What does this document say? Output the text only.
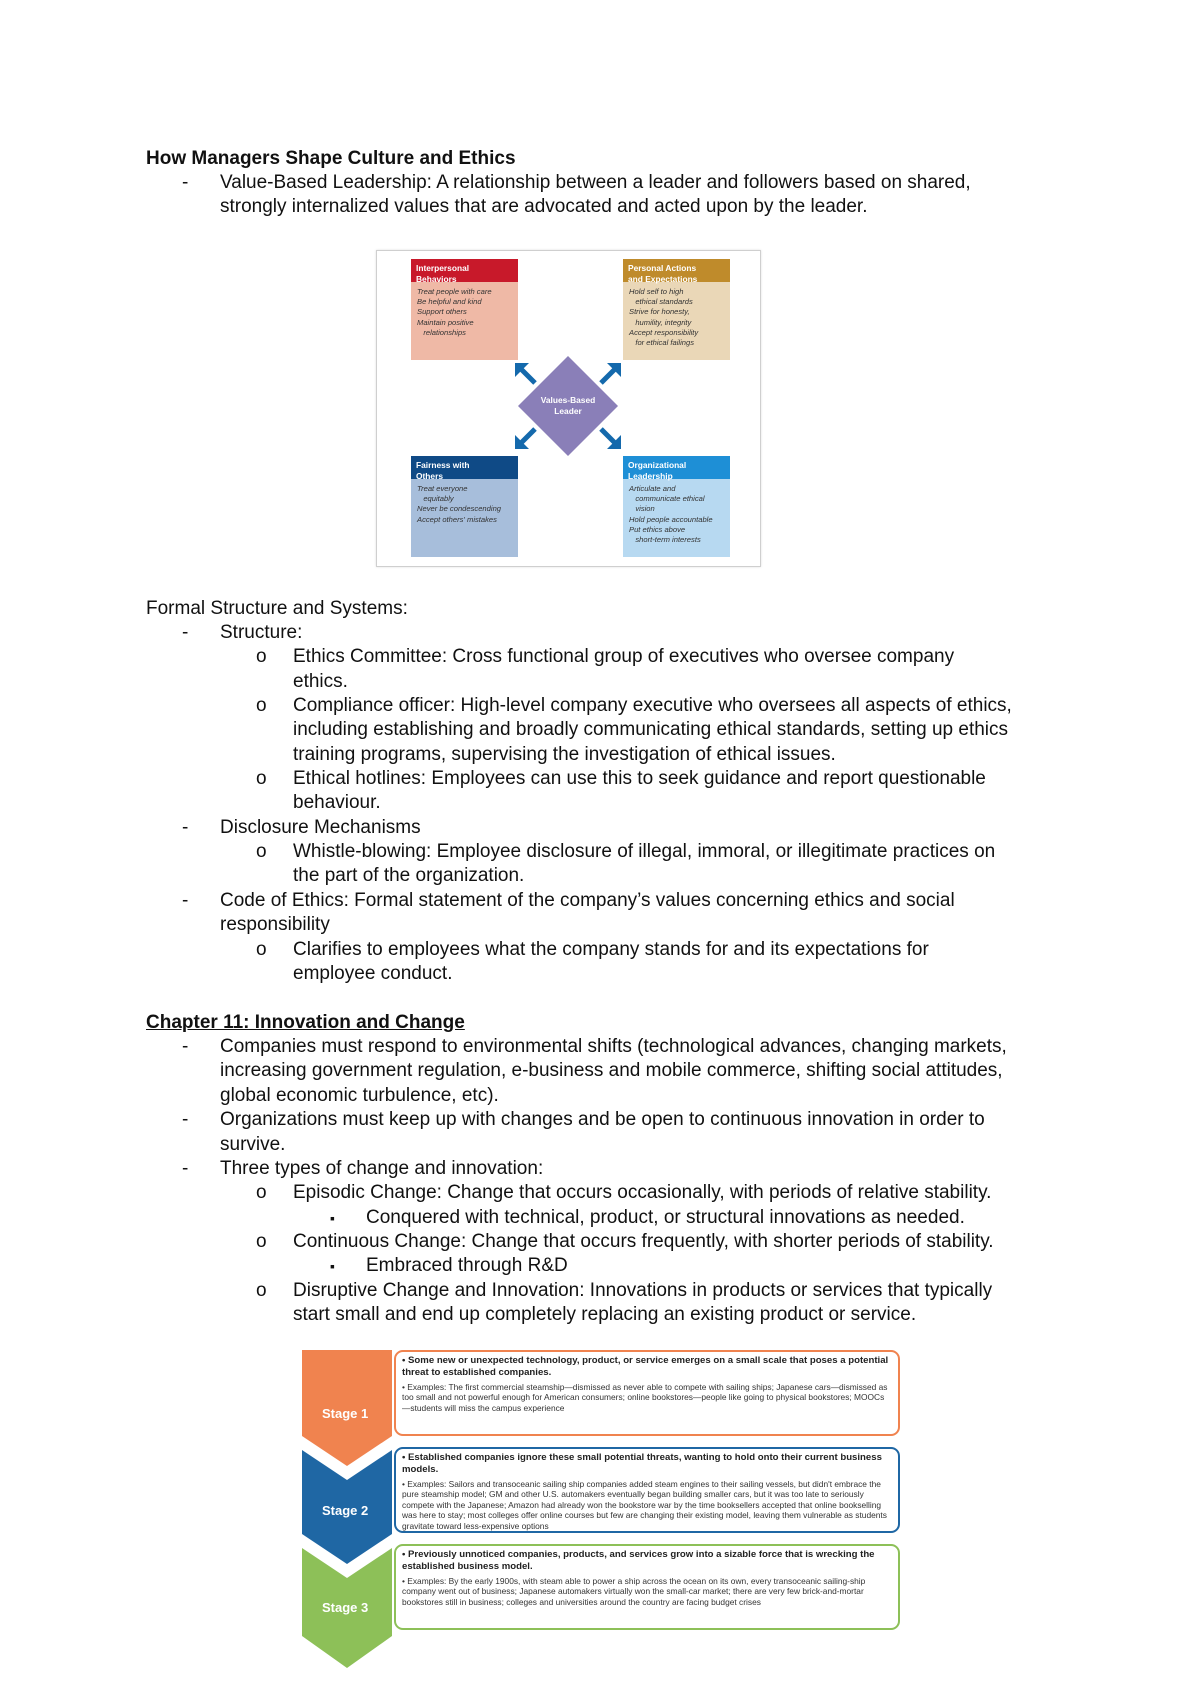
How Managers Shape Culture and Ethics
- Value-Based Leadership: A relationship between a leader and followers based on shared,
strongly internalized values that are advocated and acted upon by the leader.
Interpersonal
Behaviors
Treat people with care
Be helpful and kind
Support others
Maintain positive
relationships
Personal Actions
and Expectations
Hold self to high
ethical standards
Strive for honesty,
humility, integrity
Accept responsibility
for ethical failings
Fairness with
Others
Treat everyone
equitably
Never be condescending
Accept others' mistakes
Organizational
Leadership
Articulate and
communicate ethical
vision
Hold people accountable
Put ethics above
short-term interests
Values-Based
Leader
Formal Structure and Systems:
- Structure:
o Ethics Committee: Cross functional group of executives who oversee company
ethics.
o Compliance officer: High-level company executive who oversees all aspects of ethics,
including establishing and broadly communicating ethical standards, setting up ethics
training programs, supervising the investigation of ethical issues.
o Ethical hotlines: Employees can use this to seek guidance and report questionable
behaviour.
- Disclosure Mechanisms
o Whistle-blowing: Employee disclosure of illegal, immoral, or illegitimate practices on
the part of the organization.
- Code of Ethics: Formal statement of the company’s values concerning ethics and social
responsibility
o Clarifies to employees what the company stands for and its expectations for
employee conduct.
Chapter 11: Innovation and Change
- Companies must respond to environmental shifts (technological advances, changing markets,
increasing government regulation, e-business and mobile commerce, shifting social attitudes,
global economic turbulence, etc).
- Organizations must keep up with changes and be open to continuous innovation in order to
survive.
- Three types of change and innovation:
o Episodic Change: Change that occurs occasionally, with periods of relative stability.
▪ Conquered with technical, product, or structural innovations as needed.
o Continuous Change: Change that occurs frequently, with shorter periods of stability.
▪ Embraced through R&D
o Disruptive Change and Innovation: Innovations in products or services that typically
start small and end up completely replacing an existing product or service.
Stage 1
Stage 2
Stage 3
• Some new or unexpected technology, product, or service emerges on a small scale that poses a potential threat to established companies.
• Examples: The first commercial steamship—dismissed as never able to compete with sailing ships; Japanese cars—dismissed as too small and not powerful enough for American consumers; online bookstores—people like going to physical bookstores; MOOCs—students will miss the campus experience
• Established companies ignore these small potential threats, wanting to hold onto their current business models.
• Examples: Sailors and transoceanic sailing ship companies added steam engines to their sailing vessels, but didn't embrace the pure steamship model; GM and other U.S. automakers eventually began building smaller cars, but it was too late to seriously compete with the Japanese; Amazon had already won the bookstore war by the time booksellers accepted that online bookselling was here to stay; most colleges offer online courses but few are changing their existing model, leaving them vulnerable as students gravitate toward less-expensive options
• Previously unnoticed companies, products, and services grow into a sizable force that is wrecking the established business model.
• Examples: By the early 1900s, with steam able to power a ship across the ocean on its own, every transoceanic sailing-ship company went out of business; Japanese automakers virtually won the small-car market; there are very few brick-and-mortar bookstores still in business; colleges and universities around the country are facing budget crises
